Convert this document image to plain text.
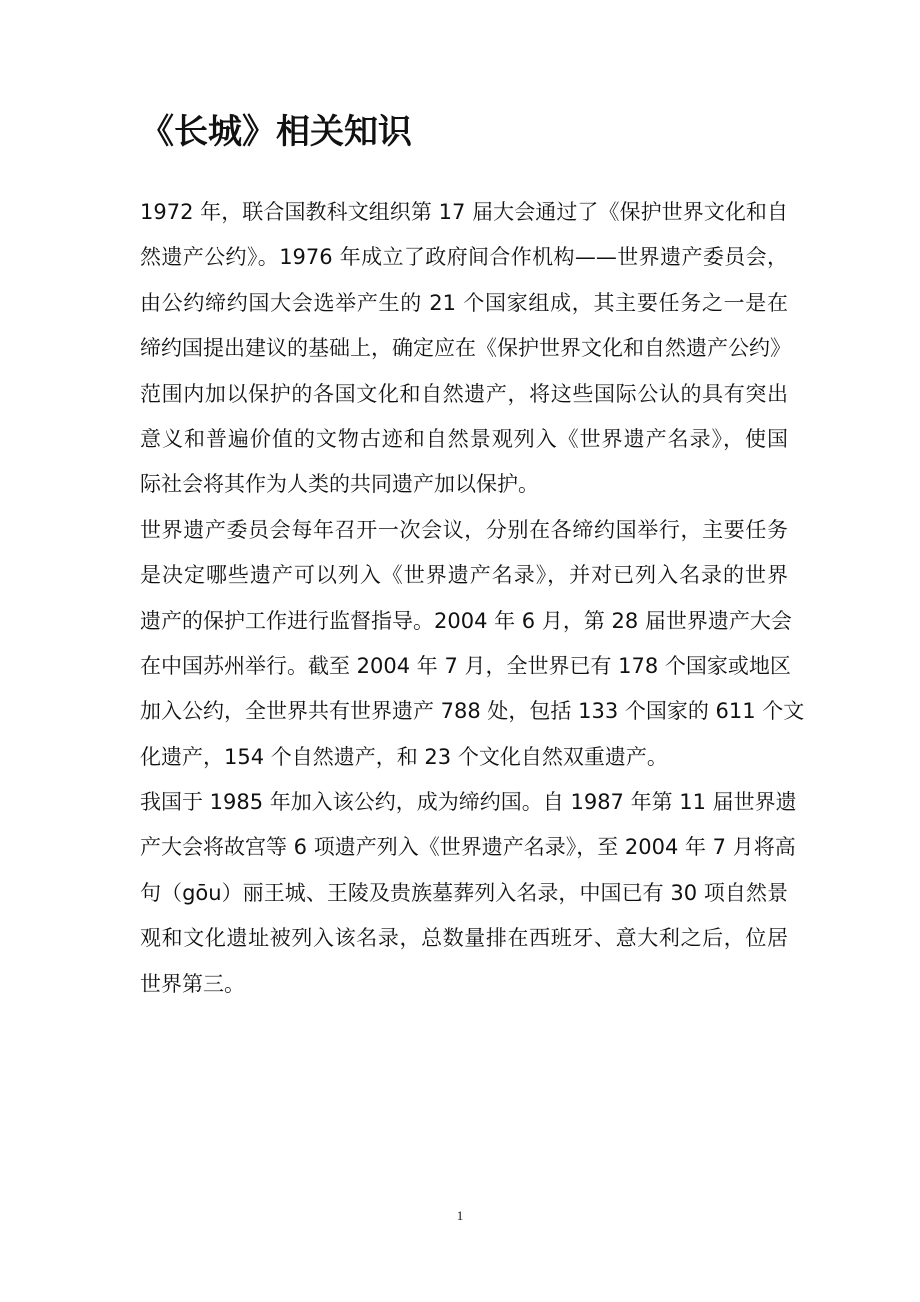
《长城》相关知识
1972 年，联合国教科文组织第 17 届大会通过了《保护世界文化和自
然遗产公约》。1976 年成立了政府间合作机构——世界遗产委员会，
由公约缔约国大会选举产生的 21 个国家组成，其主要任务之一是在
缔约国提出建议的基础上，确定应在《保护世界文化和自然遗产公约》
范围内加以保护的各国文化和自然遗产，将这些国际公认的具有突出
意义和普遍价值的文物古迹和自然景观列入《世界遗产名录》，使国
际社会将其作为人类的共同遗产加以保护。
世界遗产委员会每年召开一次会议，分别在各缔约国举行，主要任务
是决定哪些遗产可以列入《世界遗产名录》，并对已列入名录的世界
遗产的保护工作进行监督指导。2004 年 6 月，第 28 届世界遗产大会
在中国苏州举行。截至 2004 年 7 月，全世界已有 178 个国家或地区
加入公约，全世界共有世界遗产 788 处，包括 133 个国家的 611 个文
化遗产，154 个自然遗产，和 23 个文化自然双重遗产。
我国于 1985 年加入该公约，成为缔约国。自 1987 年第 11 届世界遗
产大会将故宫等 6 项遗产列入《世界遗产名录》，至 2004 年 7 月将高
句（gōu）丽王城、王陵及贵族墓葬列入名录，中国已有 30 项自然景
观和文化遗址被列入该名录，总数量排在西班牙、意大利之后，位居
世界第三。
1
